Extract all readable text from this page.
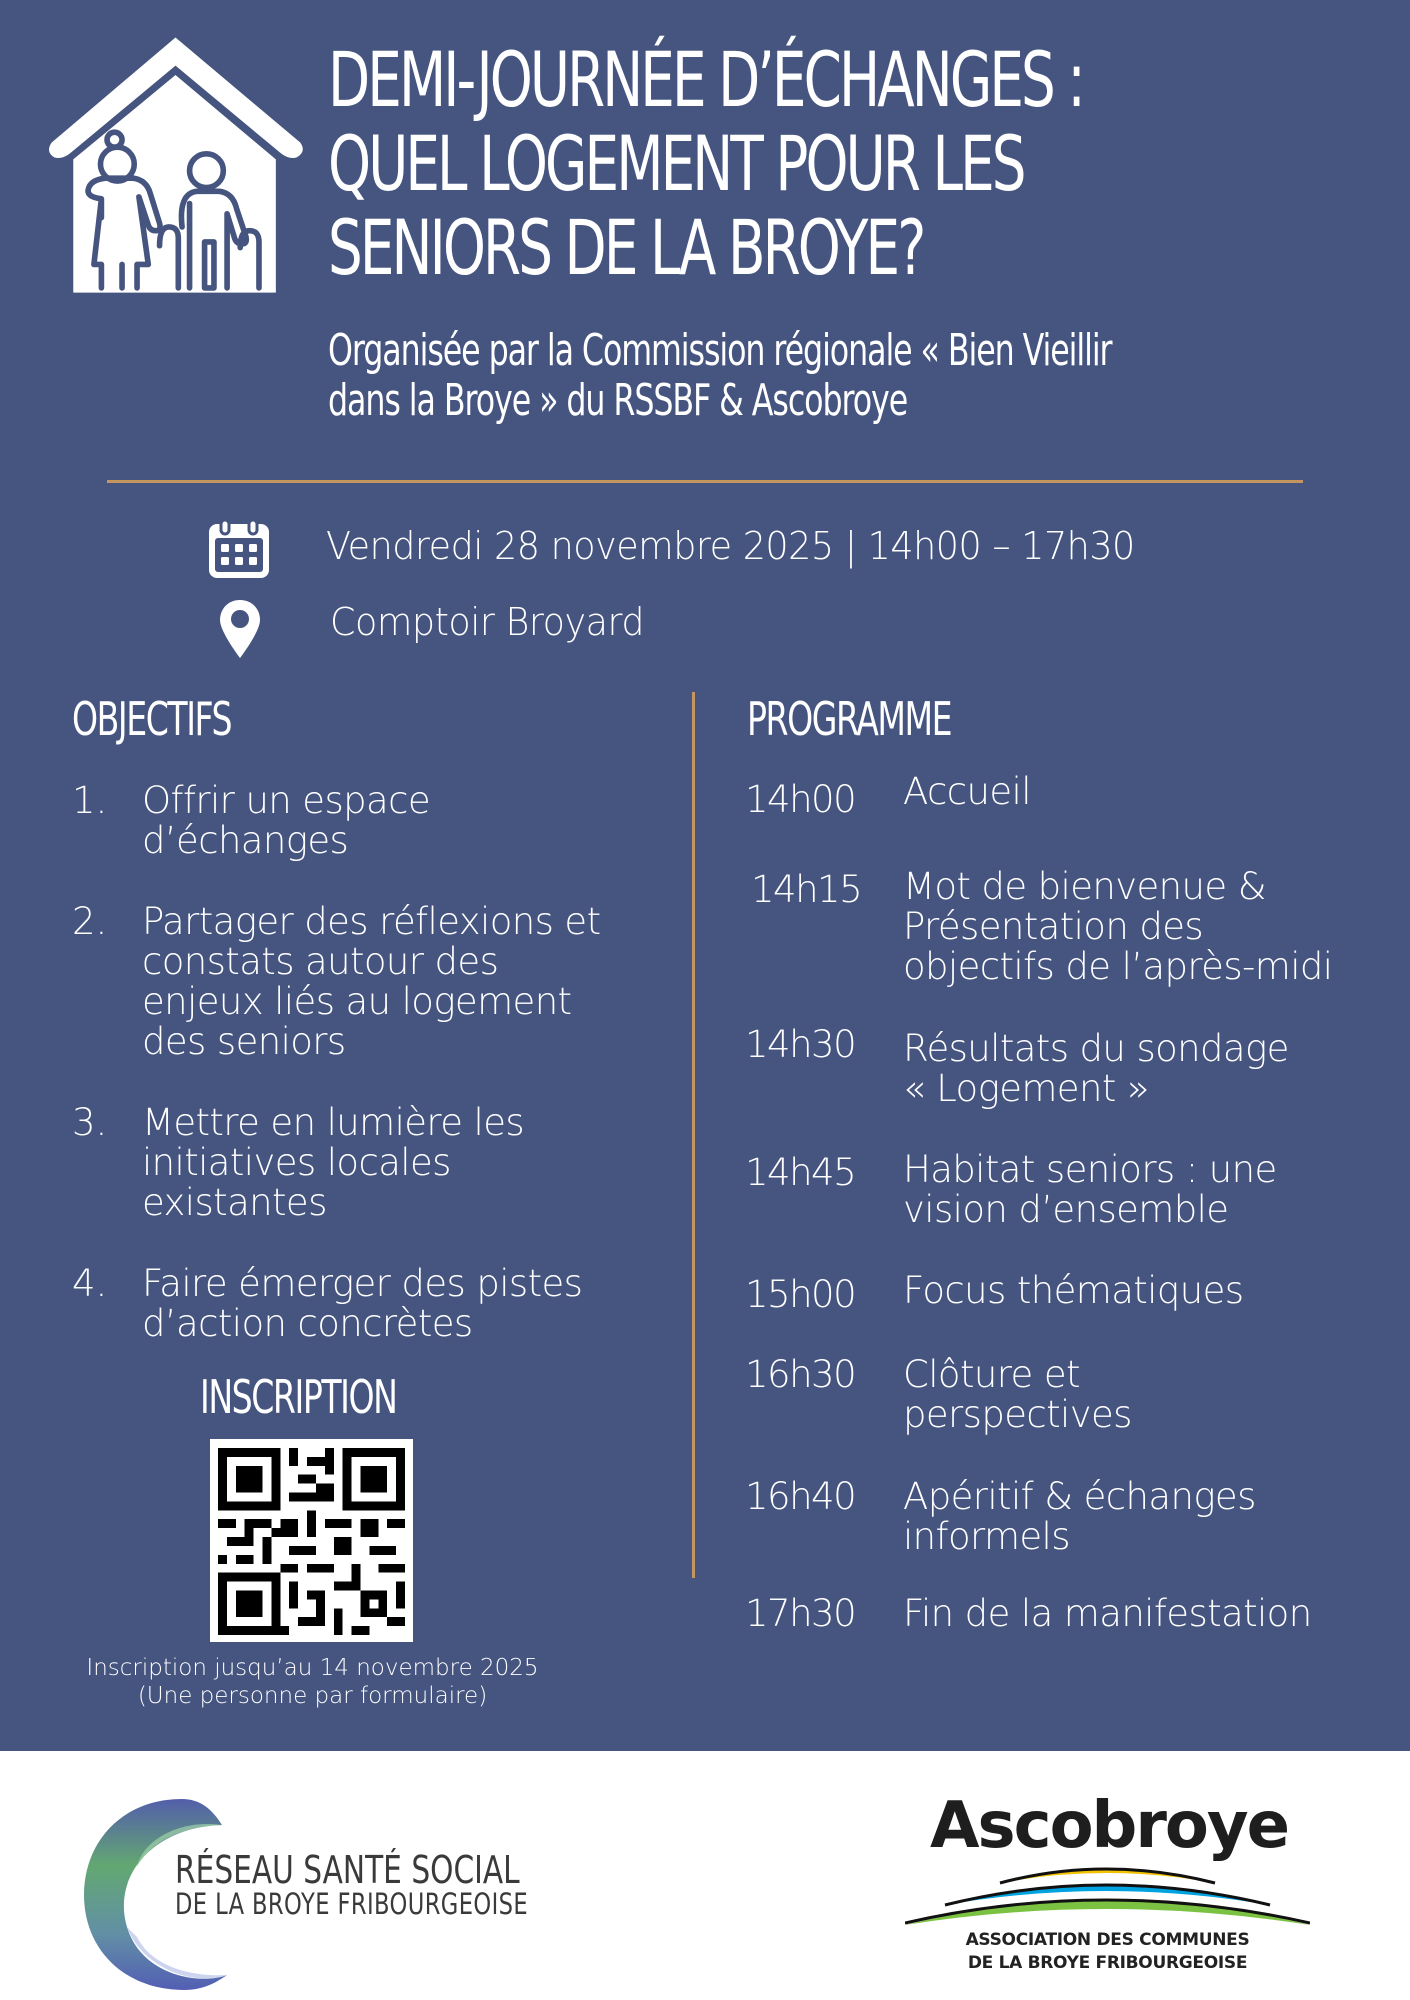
DEMI-JOURNÉE D’ÉCHANGES :
QUEL LOGEMENT POUR LES
SENIORS DE LA BROYE?
Organisée par la Commission régionale « Bien Vieillir
dans la Broye » du RSSBF & Ascobroye
Vendredi 28 novembre 2025 | 14h00 – 17h30
Comptoir Broyard
OBJECTIFS
1. Offrir un espace
d’échanges
2. Partager des réflexions et
constats autour des
enjeux liés au logement
des seniors
3. Mettre en lumière les
initiatives locales
existantes
4. Faire émerger des pistes
d’action concrètes
INSCRIPTION
Inscription jusqu’au 14 novembre 2025
(Une personne par formulaire)
PROGRAMME
14h00 Accueil
14h15 Mot de bienvenue &
Présentation des
objectifs de l’après-midi
14h30 Résultats du sondage
« Logement »
14h45 Habitat seniors : une
vision d’ensemble
15h00 Focus thématiques
16h30 Clôture et
perspectives
16h40 Apéritif & échanges
informels
17h30 Fin de la manifestation
RÉSEAU SANTÉ SOCIAL
DE LA BROYE FRIBOURGEOISE
Ascobroye
ASSOCIATION DES COMMUNES
DE LA BROYE FRIBOURGEOISE
